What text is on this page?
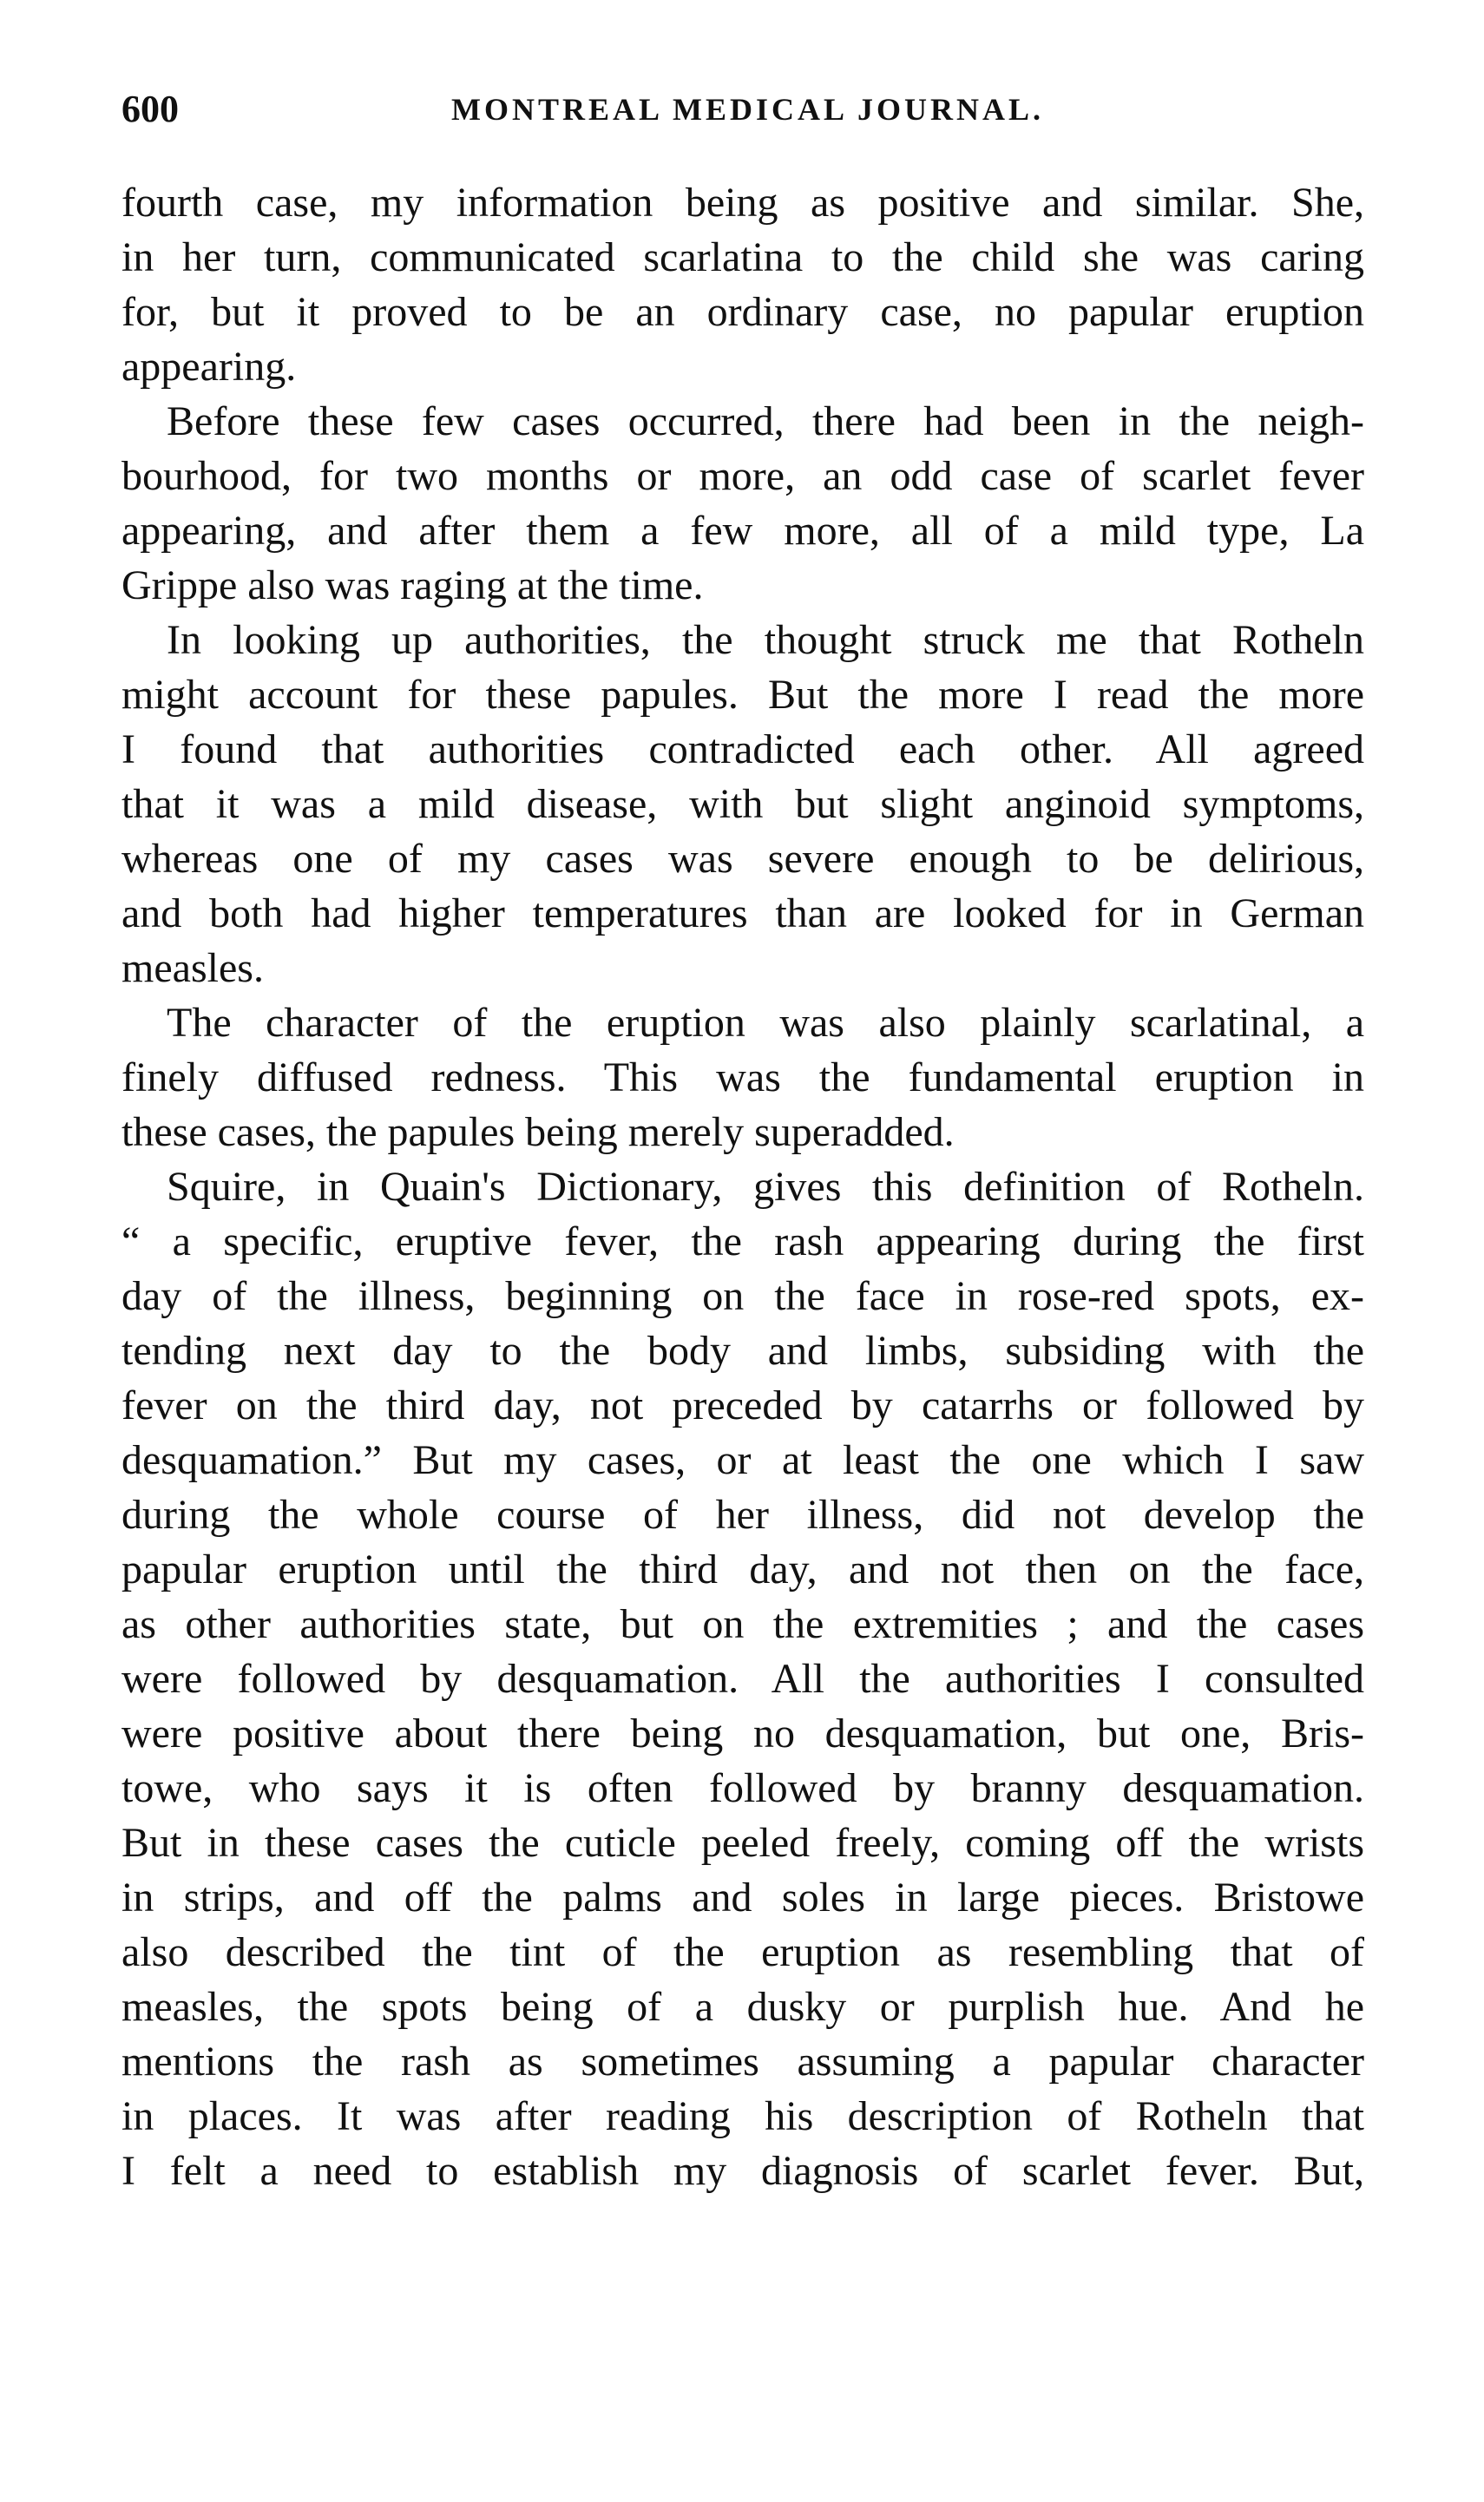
600	MONTREAL MEDICAL JOURNAL.
fourth case, my information being as positive and similar. She,
in her turn, communicated scarlatina to the child she was caring
for, but it proved to be an ordinary case, no papular eruption
appearing.
Before these few cases occurred, there had been in the neigh-
bourhood, for two months or more, an odd case of scarlet fever
appearing, and after them a few more, all of a mild type, La
Grippe also was raging at the time.
In looking up authorities, the thought struck me that Rotheln
might account for these papules. But the more I read the more
I found that authorities contradicted each other. All agreed
that it was a mild disease, with but slight anginoid symptoms,
whereas one of my cases was severe enough to be delirious,
and both had higher temperatures than are looked for in German
measles.
The character of the eruption was also plainly scarlatinal, a
finely diffused redness. This was the fundamental eruption in
these cases, the papules being merely superadded.
Squire, in Quain's Dictionary, gives this definition of Rotheln.
“ a specific, eruptive fever, the rash appearing during the first
day of the illness, beginning on the face in rose-red spots, ex-
tending next day to the body and limbs, subsiding with the
fever on the third day, not preceded by catarrhs or followed by
desquamation.” But my cases, or at least the one which I saw
during the whole course of her illness, did not develop the
papular eruption until the third day, and not then on the face,
as other authorities state, but on the extremities ; and the cases
were followed by desquamation. All the authorities I consulted
were positive about there being no desquamation, but one, Bris-
towe, who says it is often followed by branny desquamation.
But in these cases the cuticle peeled freely, coming off the wrists
in strips, and off the palms and soles in large pieces. Bristowe
also described the tint of the eruption as resembling that of
measles, the spots being of a dusky or purplish hue. And he
mentions the rash as sometimes assuming a papular character
in places. It was after reading his description of Rotheln that
I felt a need to establish my diagnosis of scarlet fever. But,
